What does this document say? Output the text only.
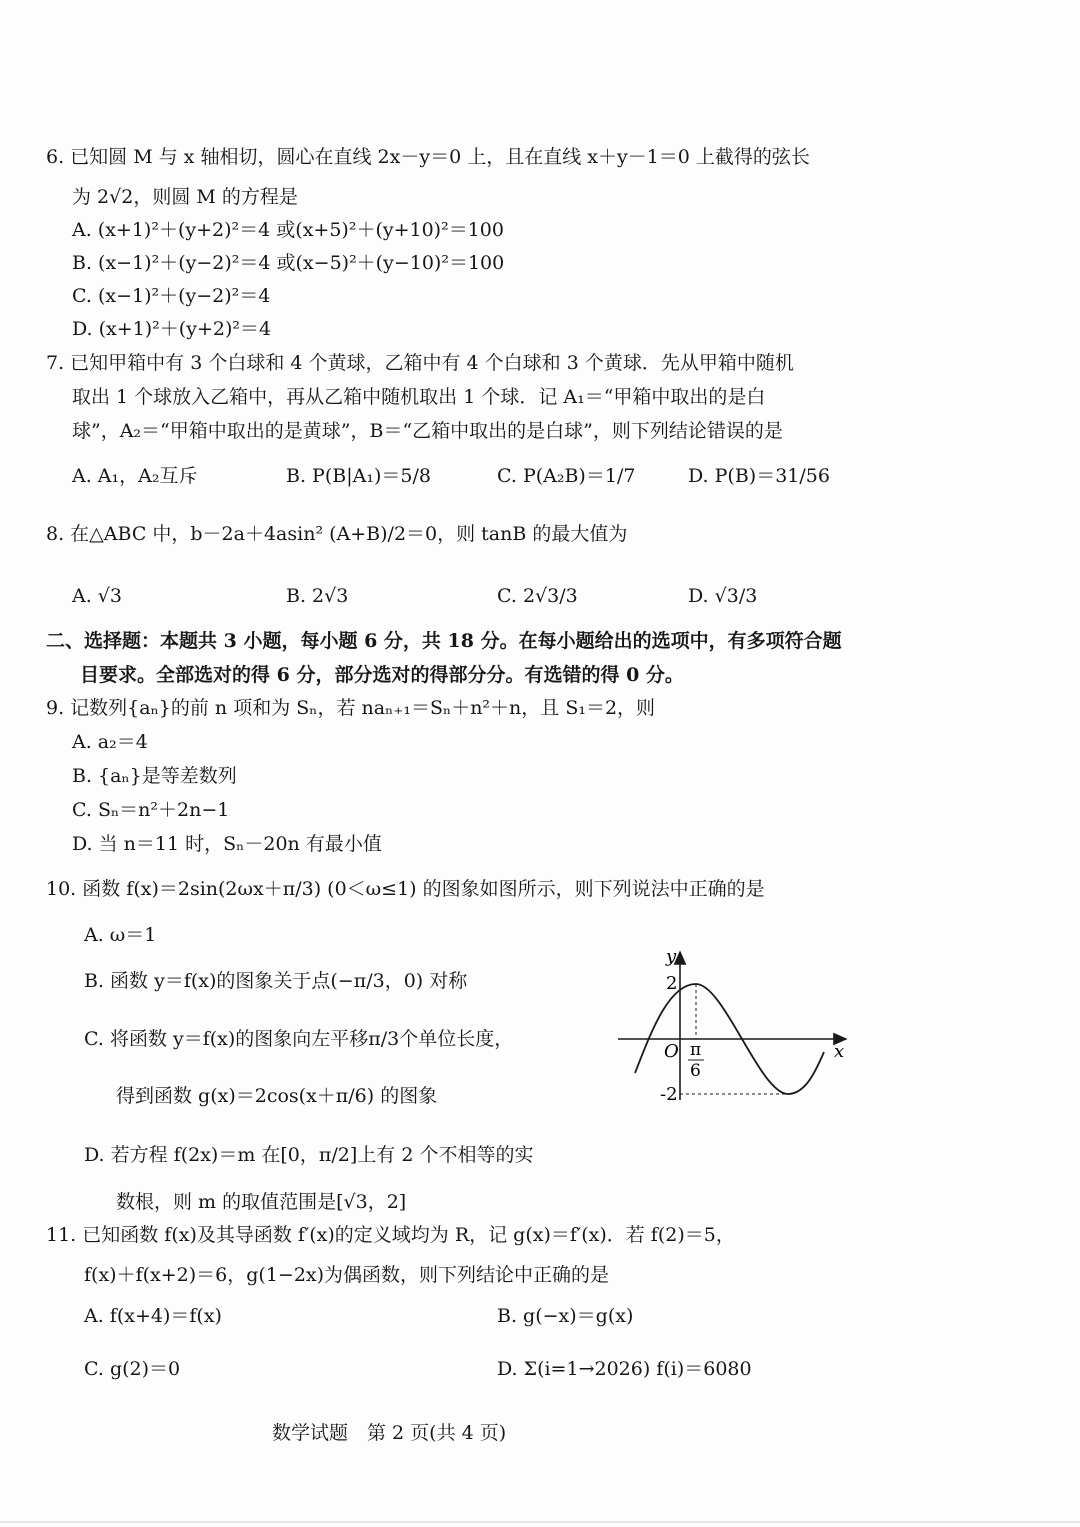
6. 已知圆 M 与 x 轴相切，圆心在直线 2x－y＝0 上，且在直线 x＋y－1＝0 上截得的弦长
为 2√2，则圆 M 的方程是
A. (x+1)²＋(y+2)²＝4 或(x+5)²＋(y+10)²＝100
B. (x−1)²＋(y−2)²＝4 或(x−5)²＋(y−10)²＝100
C. (x−1)²＋(y−2)²＝4
D. (x+1)²＋(y+2)²＝4
7. 已知甲箱中有 3 个白球和 4 个黄球，乙箱中有 4 个白球和 3 个黄球．先从甲箱中随机
取出 1 个球放入乙箱中，再从乙箱中随机取出 1 个球．记 A₁＝“甲箱中取出的是白
球”，A₂＝“甲箱中取出的是黄球”，B＝“乙箱中取出的是白球”，则下列结论错误的是
A. A₁，A₂互斥	B. P(B|A₁)＝5/8	C. P(A₂B)＝1/7	D. P(B)＝31/56
8. 在△ABC 中，b－2a＋4asin² (A+B)/2＝0，则 tanB 的最大值为
A. √3	B. 2√3	C. 2√3/3	D. √3/3
二、选择题：本题共 3 小题，每小题 6 分，共 18 分。在每小题给出的选项中，有多项符合题
目要求。全部选对的得 6 分，部分选对的得部分分。有选错的得 0 分。
9. 记数列{aₙ}的前 n 项和为 Sₙ，若 naₙ₊₁＝Sₙ＋n²＋n，且 S₁＝2，则
A. a₂＝4
B. {aₙ}是等差数列
C. Sₙ＝n²＋2n−1
D. 当 n＝11 时，Sₙ－20n 有最小值
10. 函数 f(x)＝2sin(2ωx＋π/3) (0＜ω≤1) 的图象如图所示，则下列说法中正确的是
A. ω＝1
B. 函数 y＝f(x)的图象关于点(−π/3，0) 对称
C. 将函数 y＝f(x)的图象向左平移π/3个单位长度，
得到函数 g(x)＝2cos(x＋π/6) 的图象
D. 若方程 f(2x)＝m 在[0，π/2]上有 2 个不相等的实
数根，则 m 的取值范围是[√3，2]
y
x
O
2
-2
π
6
11. 已知函数 f(x)及其导函数 f′(x)的定义域均为 R，记 g(x)＝f′(x)．若 f(2)＝5，
f(x)＋f(x+2)＝6，g(1−2x)为偶函数，则下列结论中正确的是
A. f(x+4)＝f(x)	B. g(−x)＝g(x)
C. g(2)＝0	D. Σ(i=1→2026) f(i)＝6080
数学试题　第 2 页(共 4 页)
